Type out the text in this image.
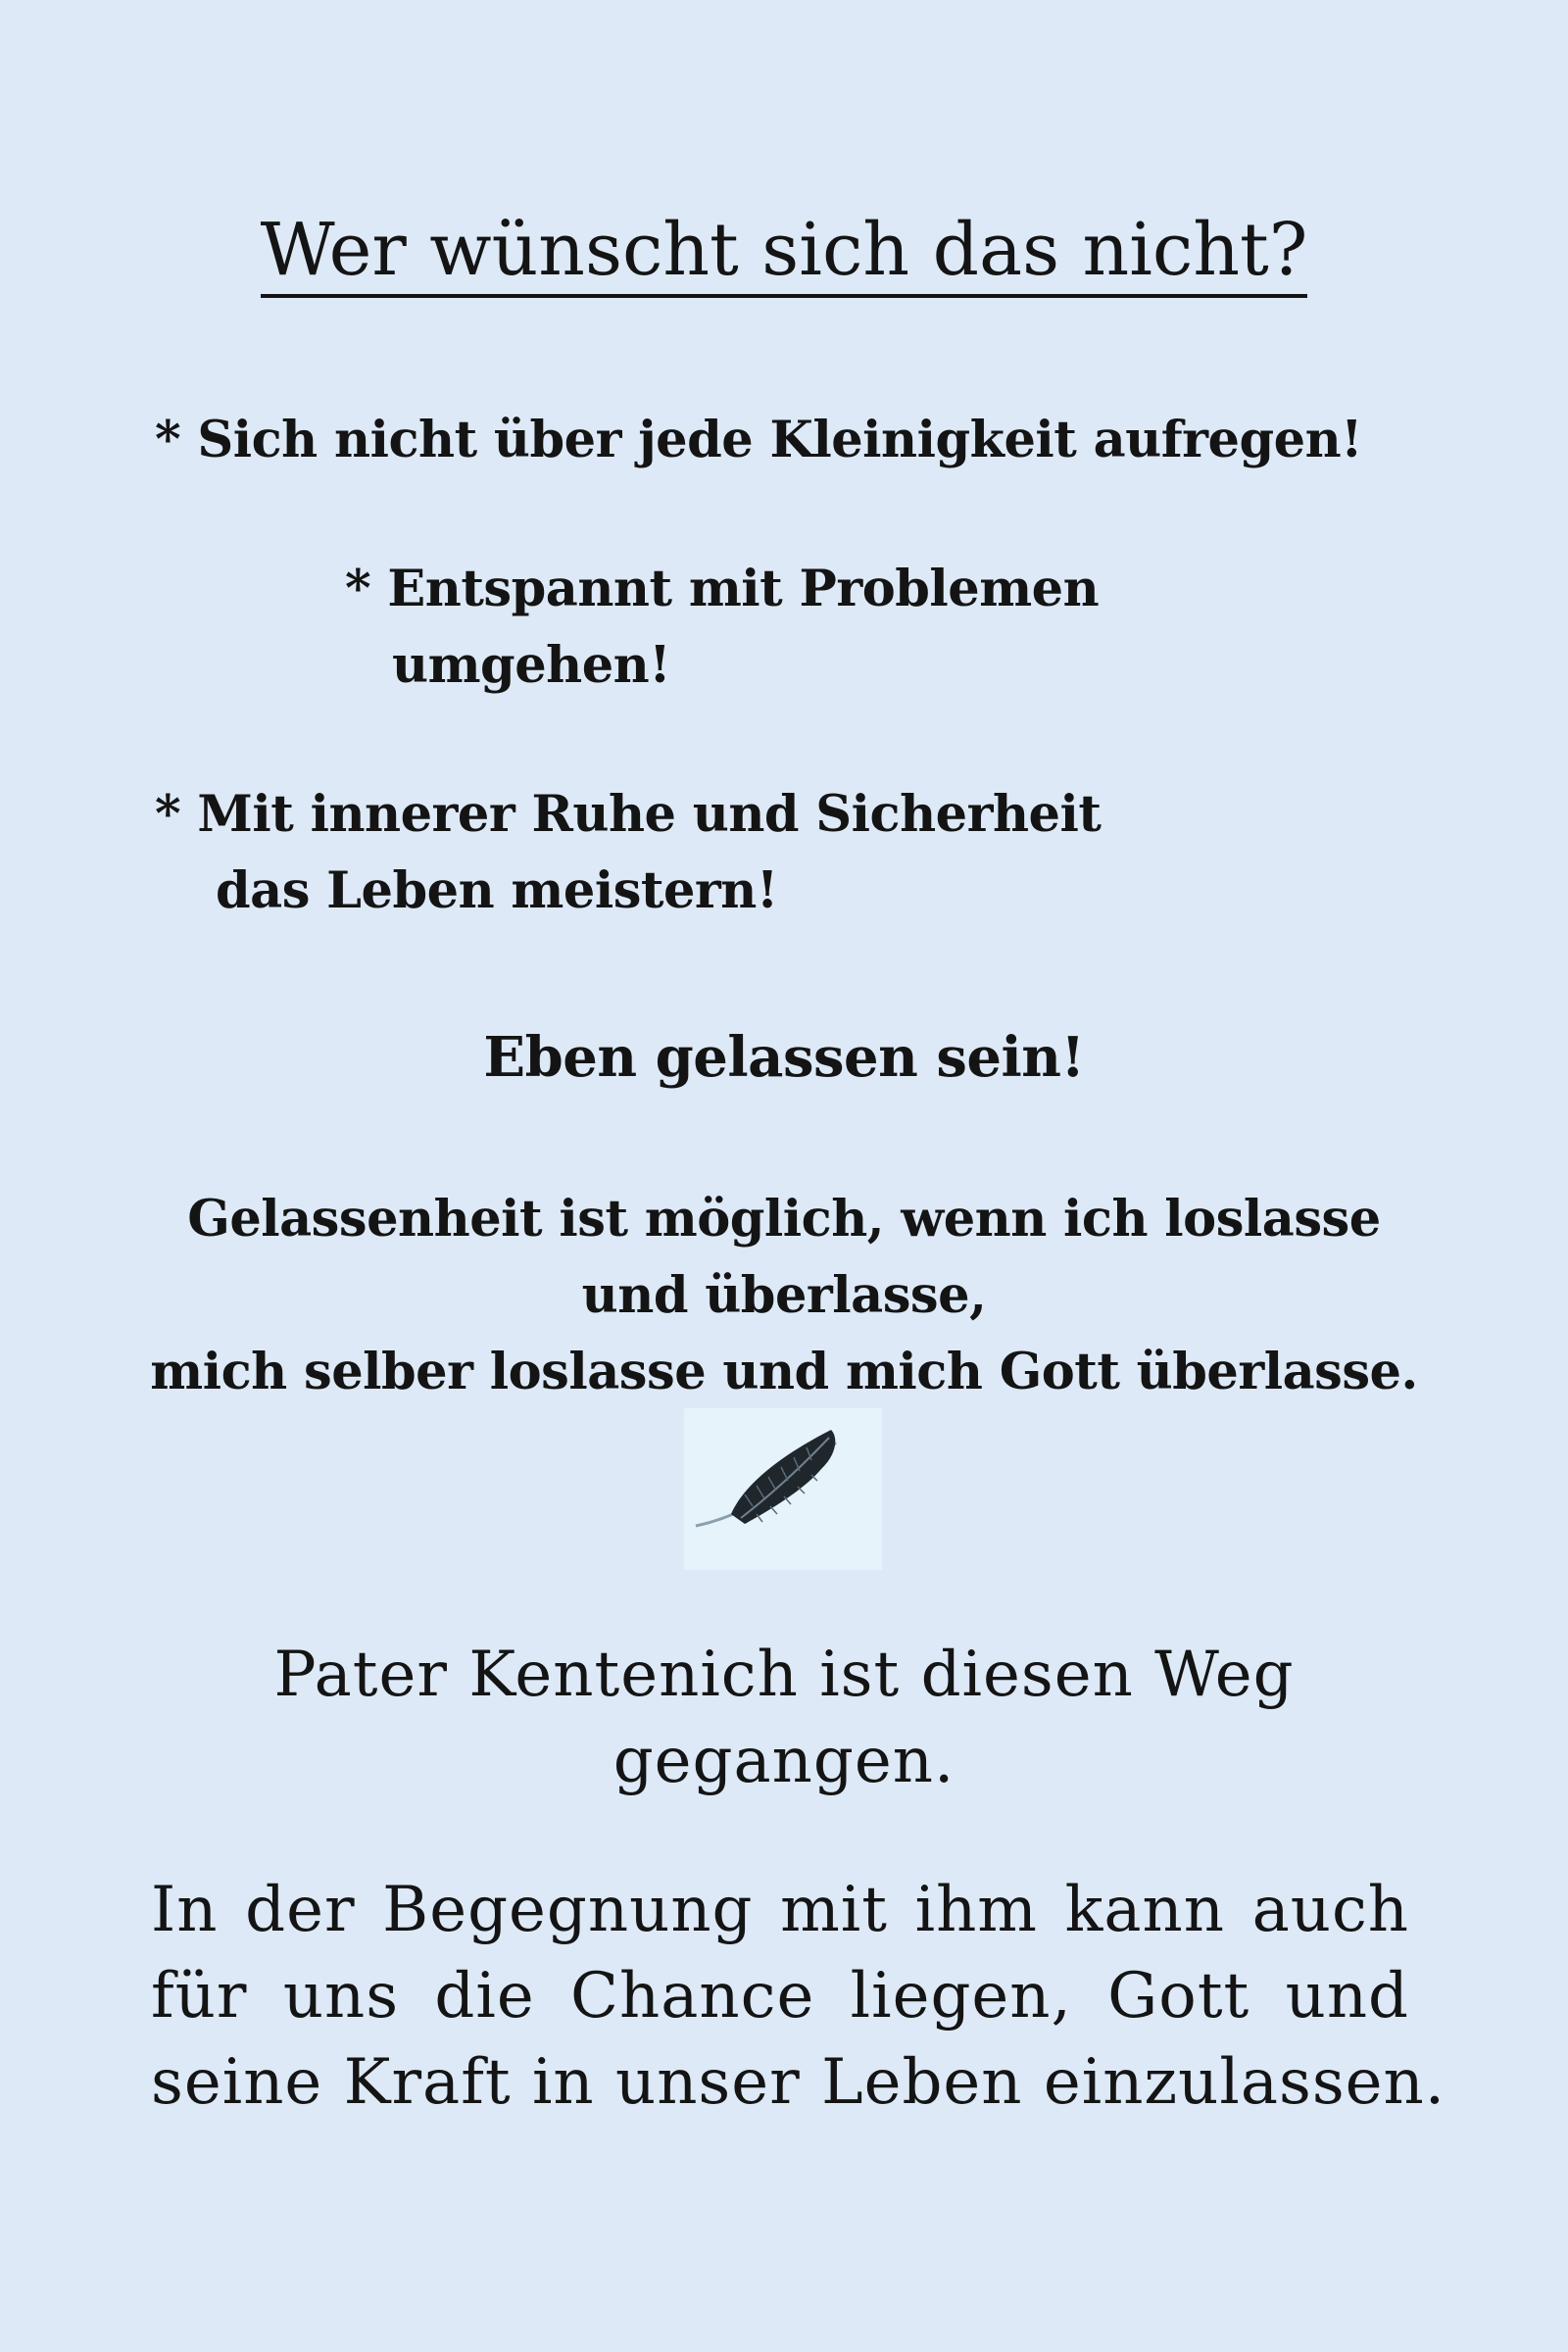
Wer wünscht sich das nicht?
* Sich nicht über jede Kleinigkeit aufregen!
* Entspannt mit Problemen
umgehen!
* Mit innerer Ruhe und Sicherheit
das Leben meistern!
Eben gelassen sein!
Gelassenheit ist möglich, wenn ich loslasse
und überlasse,
mich selber loslasse und mich Gott überlasse.
Pater Kentenich ist diesen Weg
gegangen.
In der Begegnung mit ihm kann auch
für uns die Chance liegen, Gott und
seine Kraft in unser Leben einzulassen.
